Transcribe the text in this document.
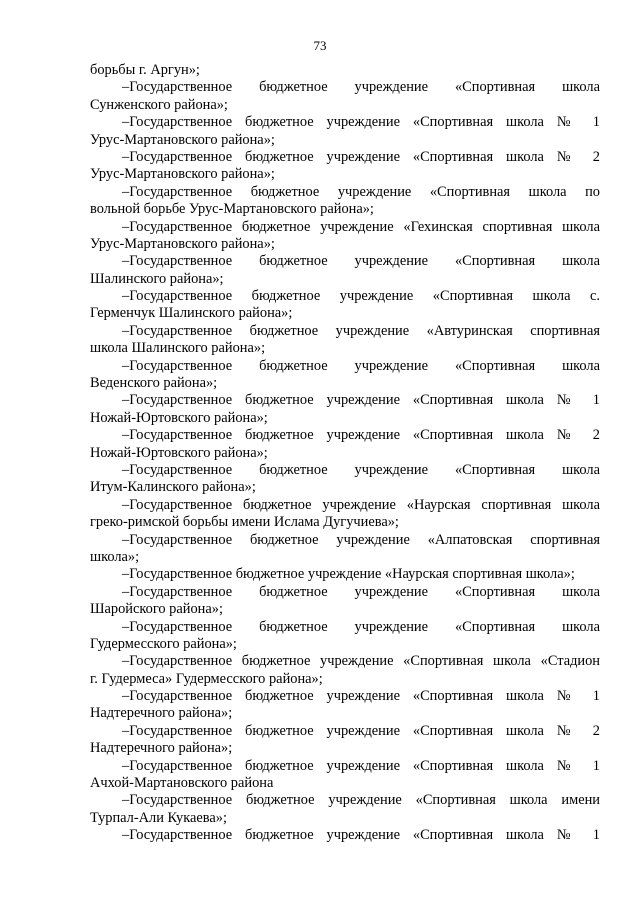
73
борьбы г. Аргун»;
–Государственное бюджетное учреждение «Спортивная школа
Сунженского района»;
–Государственное бюджетное учреждение «Спортивная школа № 1
Урус-Мартановского района»;
–Государственное бюджетное учреждение «Спортивная школа № 2
Урус-Мартановского района»;
–Государственное бюджетное учреждение «Спортивная школа по
вольной борьбе Урус-Мартановского района»;
–Государственное бюджетное учреждение «Гехинская спортивная школа
Урус-Мартановского района»;
–Государственное бюджетное учреждение «Спортивная школа
Шалинского района»;
–Государственное бюджетное учреждение «Спортивная школа с.
Герменчук Шалинского района»;
–Государственное бюджетное учреждение «Автуринская спортивная
школа Шалинского района»;
–Государственное бюджетное учреждение «Спортивная школа
Веденского района»;
–Государственное бюджетное учреждение «Спортивная школа № 1
Ножай-Юртовского района»;
–Государственное бюджетное учреждение «Спортивная школа № 2
Ножай-Юртовского района»;
–Государственное бюджетное учреждение «Спортивная школа
Итум-Калинского района»;
–Государственное бюджетное учреждение «Наурская спортивная школа
греко-римской борьбы имени Ислама Дугучиева»;
–Государственное бюджетное учреждение «Алпатовская спортивная
школа»;
–Государственное бюджетное учреждение «Наурская спортивная школа»;
–Государственное бюджетное учреждение «Спортивная школа
Шаройского района»;
–Государственное бюджетное учреждение «Спортивная школа
Гудермесского района»;
–Государственное бюджетное учреждение «Спортивная школа «Стадион
г. Гудермеса» Гудермесского района»;
–Государственное бюджетное учреждение «Спортивная школа № 1
Надтеречного района»;
–Государственное бюджетное учреждение «Спортивная школа № 2
Надтеречного района»;
–Государственное бюджетное учреждение «Спортивная школа № 1
Ачхой-Мартановского района
–Государственное бюджетное учреждение «Спортивная школа имени
Турпал-Али Кукаева»;
–Государственное бюджетное учреждение «Спортивная школа № 1
